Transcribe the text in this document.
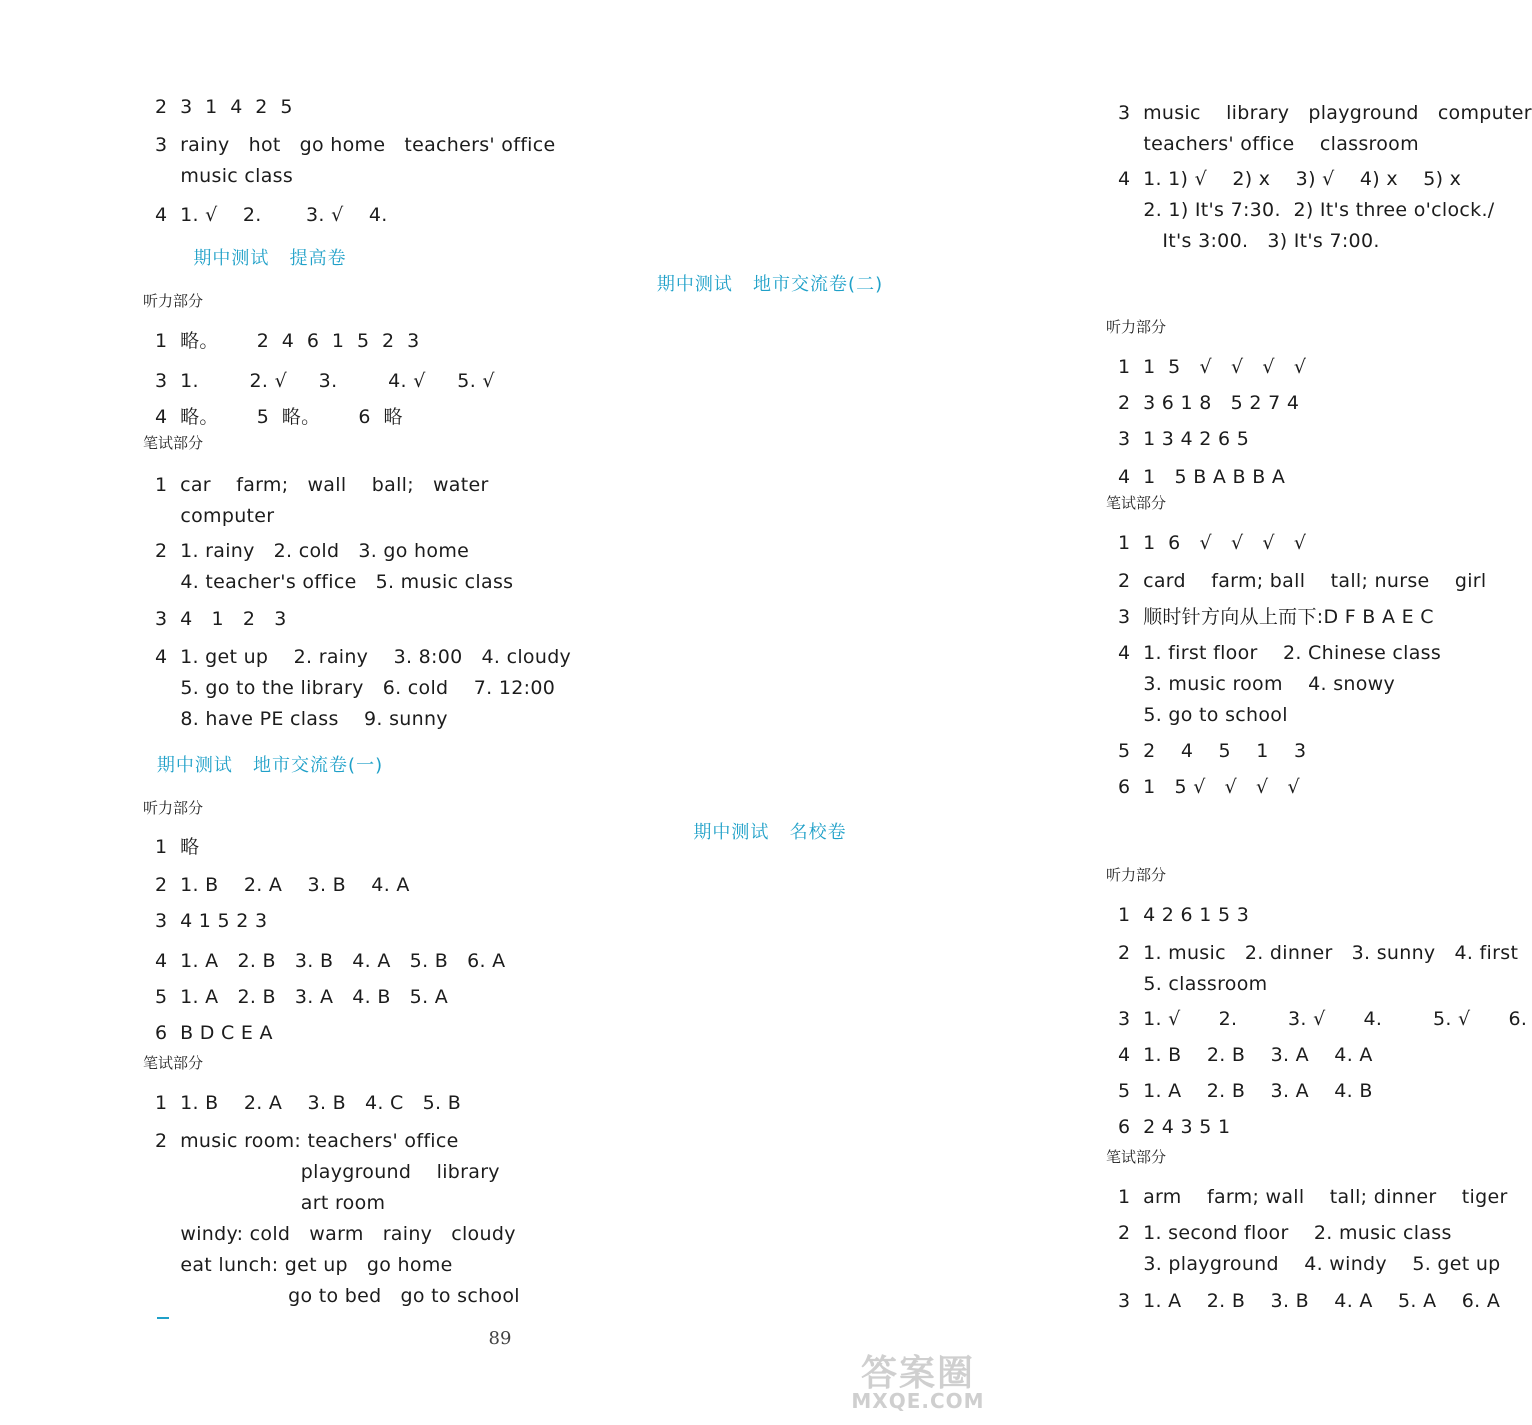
2  3  1  4  2  5
3  rainy   hot   go home   teachers' office
music class
4  1. √    2.       3. √    4.
期中测试   提高卷
听力部分
1  略。      2  4  6  1  5  2  3
3  1.        2. √     3.        4. √     5. √
4  略。      5  略。      6  略
笔试部分
1  car    farm;   wall    ball;   water
computer
2  1. rainy   2. cold   3. go home
4. teacher's office   5. music class
3  4   1   2   3
4  1. get up    2. rainy    3. 8:00   4. cloudy
5. go to the library   6. cold    7. 12:00
8. have PE class    9. sunny
期中测试   地市交流卷(一)
听力部分
1  略
2  1. B    2. A    3. B    4. A
3  4 1 5 2 3
4  1. A   2. B   3. B   4. A   5. B   6. A
5  1. A   2. B   3. A   4. B   5. A
6  B D C E A
笔试部分
1  1. B    2. A    3. B   4. C   5. B
2  music room: teachers' office
playground    library
art room
windy: cold   warm   rainy   cloudy
eat lunch: get up   go home
go to bed   go to school
3  music    library   playground   computer
teachers' office    classroom
4  1. 1) √    2) x    3) √    4) x    5) x
2. 1) It's 7:30.  2) It's three o'clock./
It's 3:00.   3) It's 7:00.
期中测试   地市交流卷(二)
听力部分
1  1  5   √   √   √   √
2  3 6 1 8   5 2 7 4
3  1 3 4 2 6 5
4  1   5 B A B B A
笔试部分
1  1  6   √   √   √   √
2  card    farm; ball    tall; nurse    girl
3  顺时针方向从上而下:D F B A E C
4  1. first floor    2. Chinese class
3. music room    4. snowy
5. go to school
5  2    4    5    1    3
6  1   5 √   √   √   √
期中测试   名校卷
听力部分
1  4 2 6 1 5 3
2  1. music   2. dinner   3. sunny   4. first
5. classroom
3  1. √      2.        3. √      4.        5. √      6.
4  1. B    2. B    3. A    4. A
5  1. A    2. B    3. A    4. B
6  2 4 3 5 1
笔试部分
1  arm    farm; wall    tall; dinner    tiger
2  1. second floor    2. music class
3. playground    4. windy    5. get up
3  1. A    2. B    3. B    4. A    5. A    6. A
89
答案圈
MXQE.COM
